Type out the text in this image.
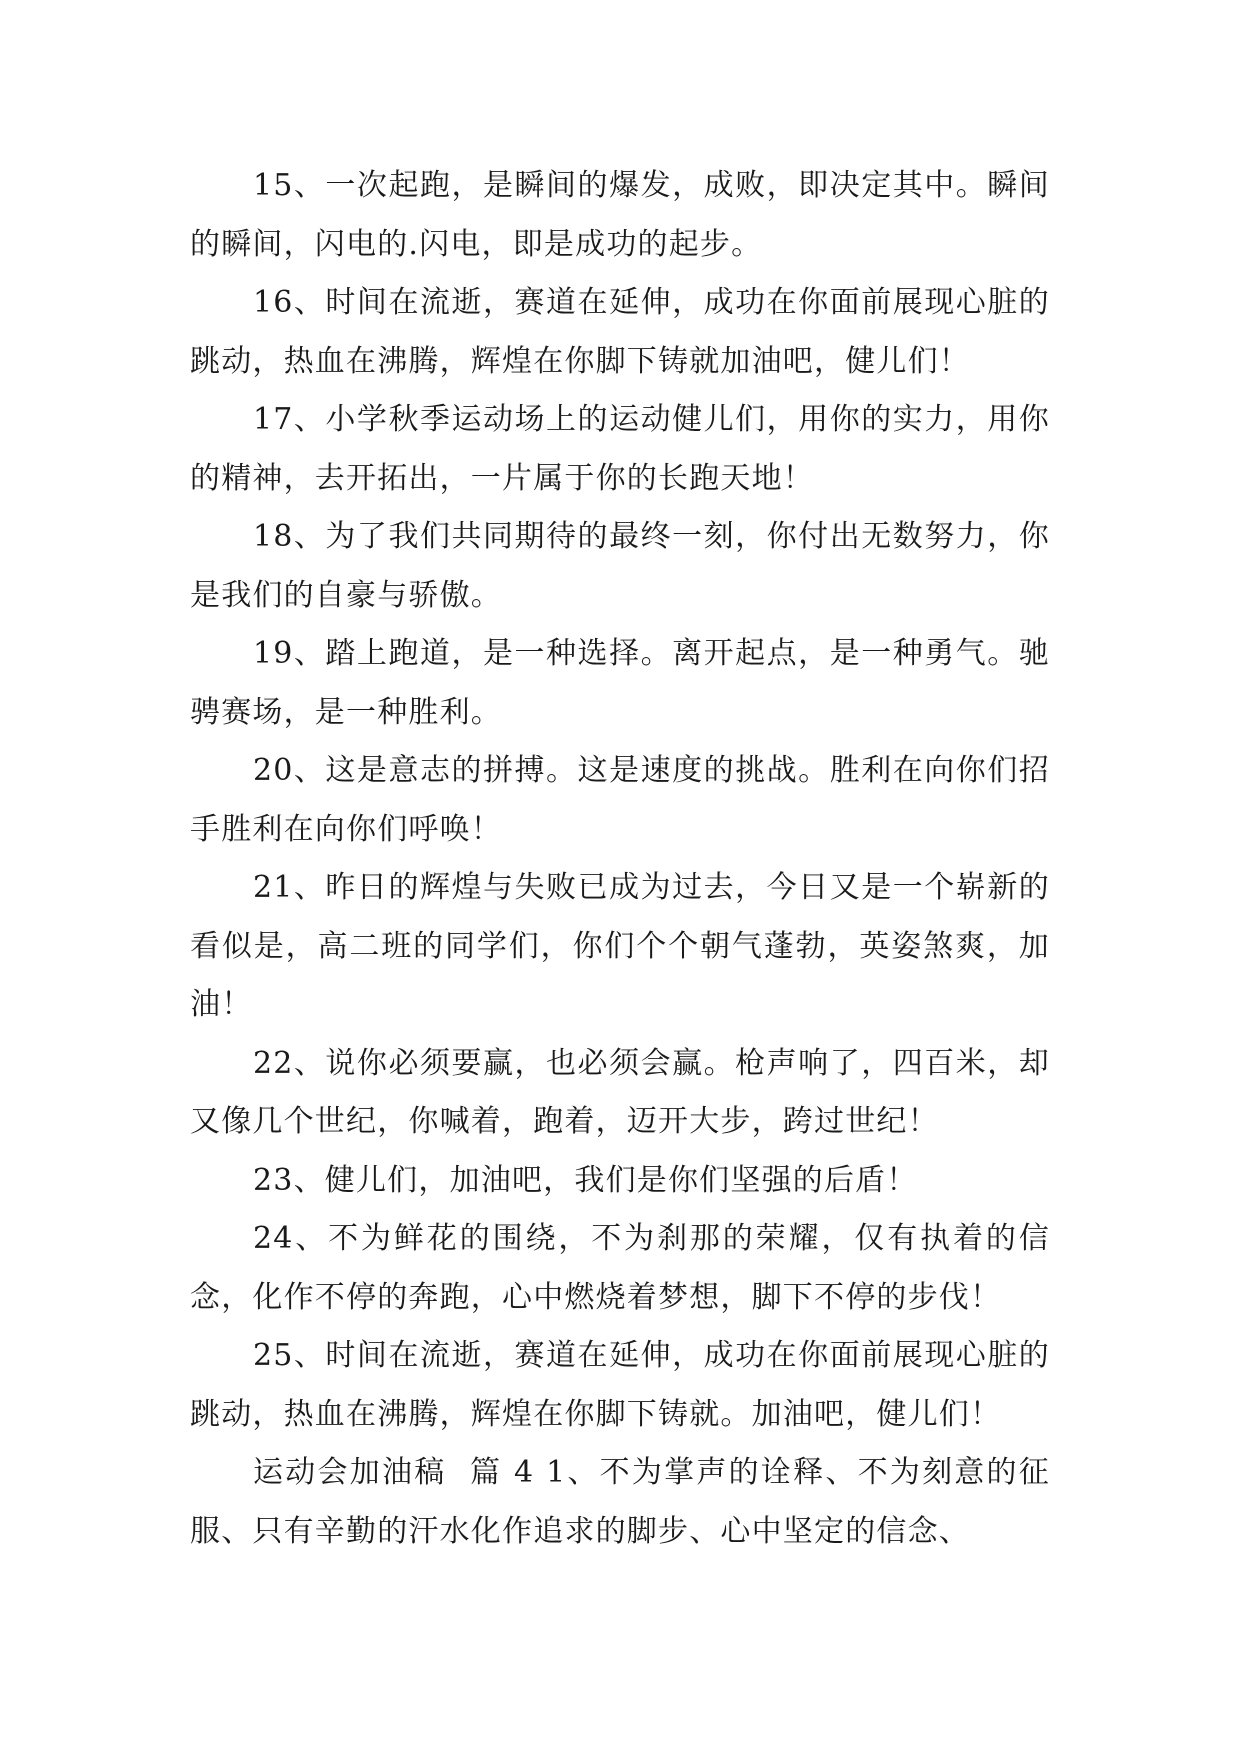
15、一次起跑，是瞬间的爆发，成败，即决定其中。瞬间的瞬间，闪电的.闪电，即是成功的起步。

16、时间在流逝，赛道在延伸，成功在你面前展现心脏的跳动，热血在沸腾，辉煌在你脚下铸就加油吧，健儿们！

17、小学秋季运动场上的运动健儿们，用你的实力，用你的精神，去开拓出，一片属于你的长跑天地！

18、为了我们共同期待的最终一刻，你付出无数努力，你是我们的自豪与骄傲。

19、踏上跑道，是一种选择。离开起点，是一种勇气。驰骋赛场，是一种胜利。

20、这是意志的拼搏。这是速度的挑战。胜利在向你们招手胜利在向你们呼唤！

21、昨日的辉煌与失败已成为过去，今日又是一个崭新的看似是，高二班的同学们，你们个个朝气蓬勃，英姿煞爽，加油！

22、说你必须要赢，也必须会赢。枪声响了，四百米，却又像几个世纪，你喊着，跑着，迈开大步，跨过世纪！

23、健儿们，加油吧，我们是你们坚强的后盾！

24、不为鲜花的围绕，不为刹那的荣耀，仅有执着的信念，化作不停的奔跑，心中燃烧着梦想，脚下不停的步伐！

25、时间在流逝，赛道在延伸，成功在你面前展现心脏的跳动，热血在沸腾，辉煌在你脚下铸就。加油吧，健儿们！

运动会加油稿  篇 4 1、不为掌声的诠释、不为刻意的征服、只有辛勤的汗水化作追求的脚步、心中坚定的信念、
